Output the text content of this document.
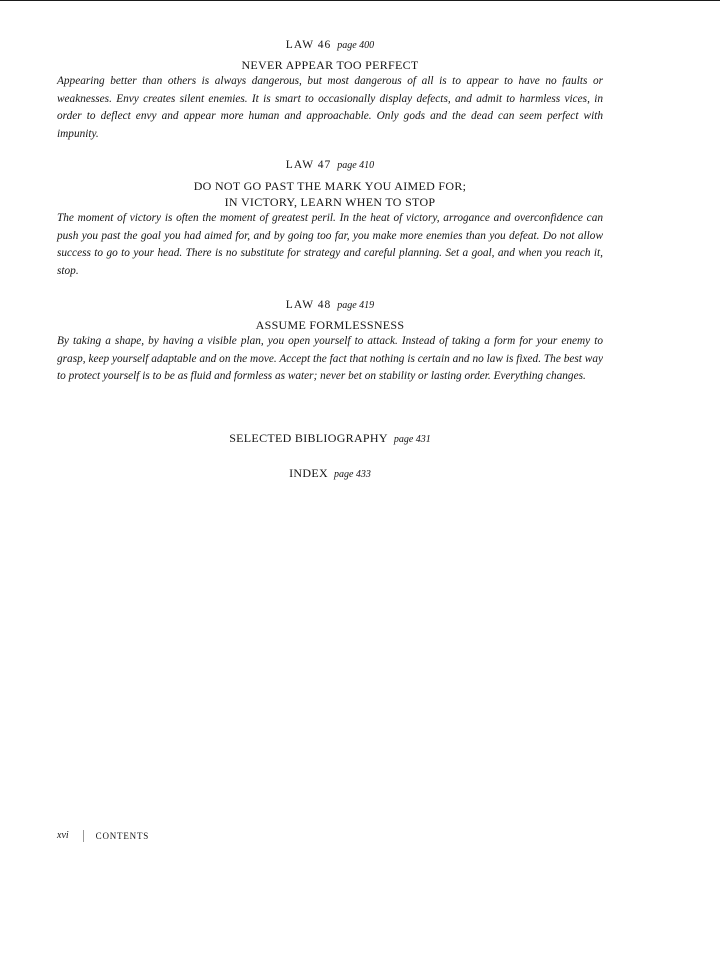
LAW 46 page 400
NEVER APPEAR TOO PERFECT

Appearing better than others is always dangerous, but most dangerous of all is to appear to have no faults or weaknesses. Envy creates silent enemies. It is smart to occasionally display defects, and admit to harmless vices, in order to deflect envy and appear more human and approachable. Only gods and the dead can seem perfect with impunity.

LAW 47 page 410
DO NOT GO PAST THE MARK YOU AIMED FOR;
IN VICTORY, LEARN WHEN TO STOP

The moment of victory is often the moment of greatest peril. In the heat of victory, arrogance and overconfidence can push you past the goal you had aimed for, and by going too far, you make more enemies than you defeat. Do not allow success to go to your head. There is no substitute for strategy and careful planning. Set a goal, and when you reach it, stop.

LAW 48 page 419
ASSUME FORMLESSNESS

By taking a shape, by having a visible plan, you open yourself to attack. Instead of taking a form for your enemy to grasp, keep yourself adaptable and on the move. Accept the fact that nothing is certain and no law is fixed. The best way to protect yourself is to be as fluid and formless as water; never bet on stability or lasting order. Everything changes.

SELECTED BIBLIOGRAPHY page 431
INDEX page 433
xvi	CONTENTS
